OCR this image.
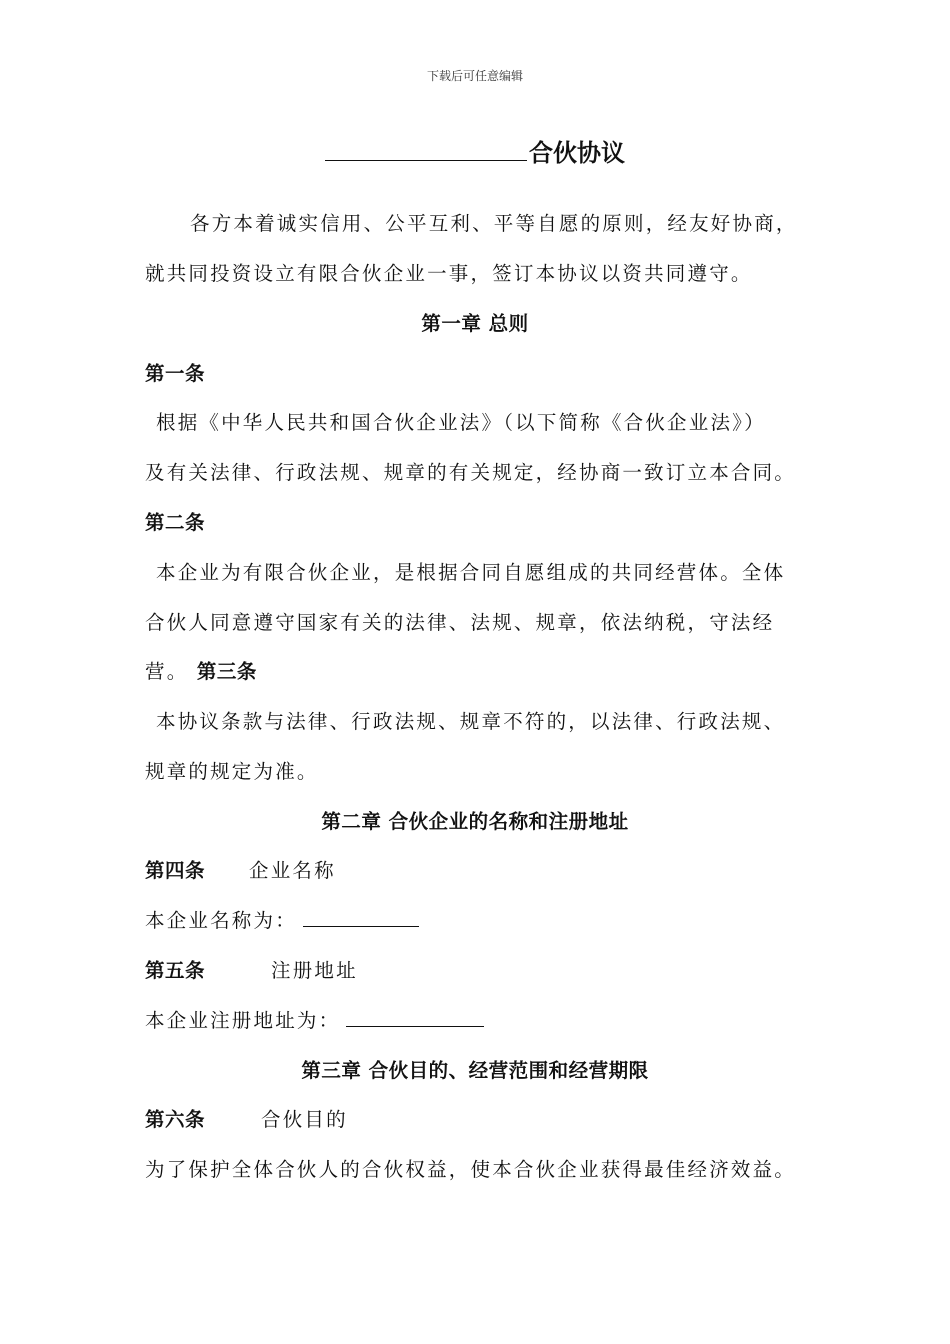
下载后可任意编辑
合伙协议
各方本着诚实信用、公平互利、平等自愿的原则，经友好协商，
就共同投资设立有限合伙企业一事，签订本协议以资共同遵守。
第一章 总则
第一条
根据《中华人民共和国合伙企业法》（以下简称《合伙企业法》）
及有关法律、行政法规、规章的有关规定，经协商一致订立本合同。
第二条
本企业为有限合伙企业，是根据合同自愿组成的共同经营体。全体
合伙人同意遵守国家有关的法律、法规、规章，依法纳税，守法经
营。 第三条
本协议条款与法律、行政法规、规章不符的，以法律、行政法规、
规章的规定为准。
第二章 合伙企业的名称和注册地址
第四条 企业名称
本企业名称为：
第五条	注册地址
本企业注册地址为：
第三章 合伙目的、经营范围和经营期限
第六条	合伙目的
为了保护全体合伙人的合伙权益，使本合伙企业获得最佳经济效益。
